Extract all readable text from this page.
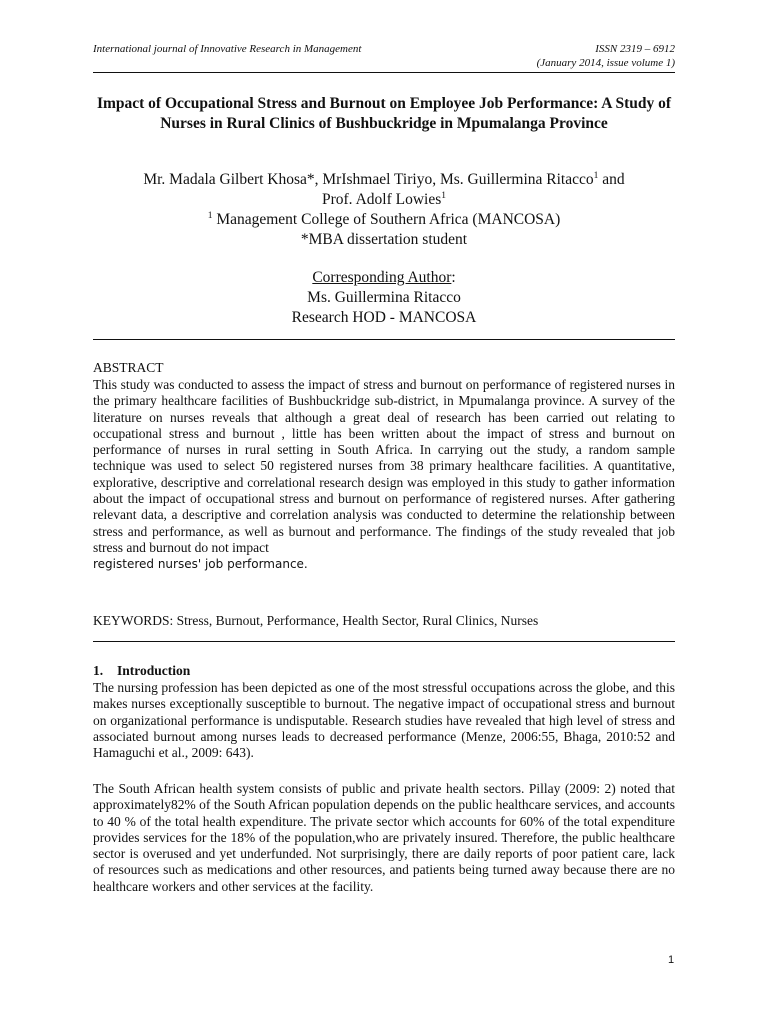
International journal of Innovative Research in Management	ISSN 2319 – 6912
(January 2014, issue volume 1)
Impact of Occupational Stress and Burnout on Employee Job Performance: A Study of Nurses in Rural Clinics of Bushbuckridge in Mpumalanga Province
Mr. Madala Gilbert Khosa*, MrIshmael Tiriyo, Ms. Guillermina Ritacco$^1$ and
Prof. Adolf Lowies$^1$
$^1$ Management College of Southern Africa (MANCOSA)
*MBA dissertation student
Corresponding Author:
Ms. Guillermina Ritacco
Research HOD - MANCOSA
ABSTRACT

This study was conducted to assess the impact of stress and burnout on performance of registered nurses in the primary healthcare facilities of Bushbuckridge sub-district, in Mpumalanga province. A survey of the literature on nurses reveals that although a great deal of research has been carried out relating to occupational stress and burnout , little has been written about the impact of stress and burnout on performance of nurses in rural setting in South Africa. In carrying out the study, a random sample technique was used to select 50 registered nurses from 38 primary healthcare facilities. A quantitative, explorative, descriptive and correlational research design was employed in this study to gather information about the impact of occupational stress and burnout on performance of registered nurses. After gathering relevant data, a descriptive and correlation analysis was conducted to determine the relationship between stress and performance, as well as burnout and performance. The findings of the study revealed that job stress and burnout do not impact
registered nurses' job performance.

KEYWORDS: Stress, Burnout, Performance, Health Sector, Rural Clinics, Nurses
1. Introduction

The nursing profession has been depicted as one of the most stressful occupations across the globe, and this makes nurses exceptionally susceptible to burnout. The negative impact of occupational stress and burnout on organizational performance is undisputable. Research studies have revealed that high level of stress and associated burnout among nurses leads to decreased performance (Menze, 2006:55, Bhaga, 2010:52 and Hamaguchi et al., 2009: 643).

The South African health system consists of public and private health sectors. Pillay (2009: 2) noted that approximately82% of the South African population depends on the public healthcare services, and accounts to 40 % of the total health expenditure. The private sector which accounts for 60% of the total expenditure provides services for the 18% of the population,who are privately insured. Therefore, the public healthcare sector is overused and yet underfunded. Not surprisingly, there are daily reports of poor patient care, lack of resources such as medications and other resources, and patients being turned away because there are no healthcare workers and other services at the facility.

1
